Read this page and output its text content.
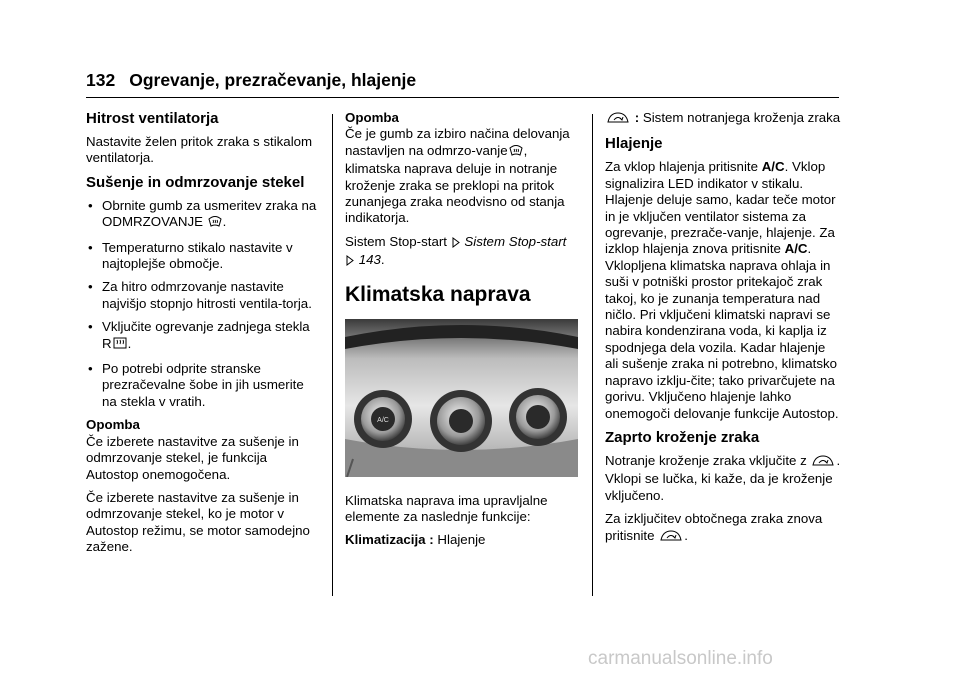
132 Ogrevanje, prezračevanje, hlajenje
Hitrost ventilatorja

Nastavite želen pritok zraka s stikalom ventilatorja.

Sušenje in odmrzovanje stekel
• Obrnite gumb za usmeritev zraka na ODMRZOVANJE .
• Temperaturno stikalo nastavite v najtoplejše območje.
• Za hitro odmrzovanje nastavite najvišjo stopnjo hitrosti ventila-torja.
• Vključite ogrevanje zadnjega stekla R .
• Po potrebi odprite stranske prezračevalne šobe in jih usmerite na stekla v vratih.
Opomba

Če izberete nastavitve za sušenje in odmrzovanje stekel, je funkcija Autostop onemogočena.

Če izberete nastavitve za sušenje in odmrzovanje stekel, ko je motor v Autostop režimu, se motor samodejno zažene.

Opomba

Če je gumb za izbiro načina delovanja nastavljen na odmrzo-vanje , klimatska naprava deluje in notranje kroženje zraka se preklopi na pritok zunanjega zraka neodvisno od stanja indikatorja.

Sistem Stop-start Sistem Stop-start  143.

Klimatska naprava
A/C

Klimatska naprava ima upravljalne elemente za naslednje funkcije:

Klimatizacija : Hlajenje

: Sistem notranjega kroženja zraka

Hlajenje

Za vklop hlajenja pritisnite A/C. Vklop signalizira LED indikator v stikalu. Hlajenje deluje samo, kadar teče motor in je vključen ventilator sistema za ogrevanje, prezrače-vanje, hlajenje. Za izklop hlajenja znova pritisnite A/C. Vklopljena klimatska naprava ohlaja in suši v potniški prostor pritekajoč zrak takoj, ko je zunanja temperatura nad ničlo. Pri vključeni klimatski napravi se nabira kondenzirana voda, ki kaplja iz spodnjega dela vozila. Kadar hlajenje ali sušenje zraka ni potrebno, klimatsko napravo izklju-čite; tako privarčujete na gorivu. Vključeno hlajenje lahko onemogoči delovanje funkcije Autostop.

Zaprto kroženje zraka

Notranje kroženje zraka vključite z . Vklopi se lučka, ki kaže, da je kroženje vključeno.

Za izključitev obtočnega zraka znova pritisnite .

carmanualsonline.info
